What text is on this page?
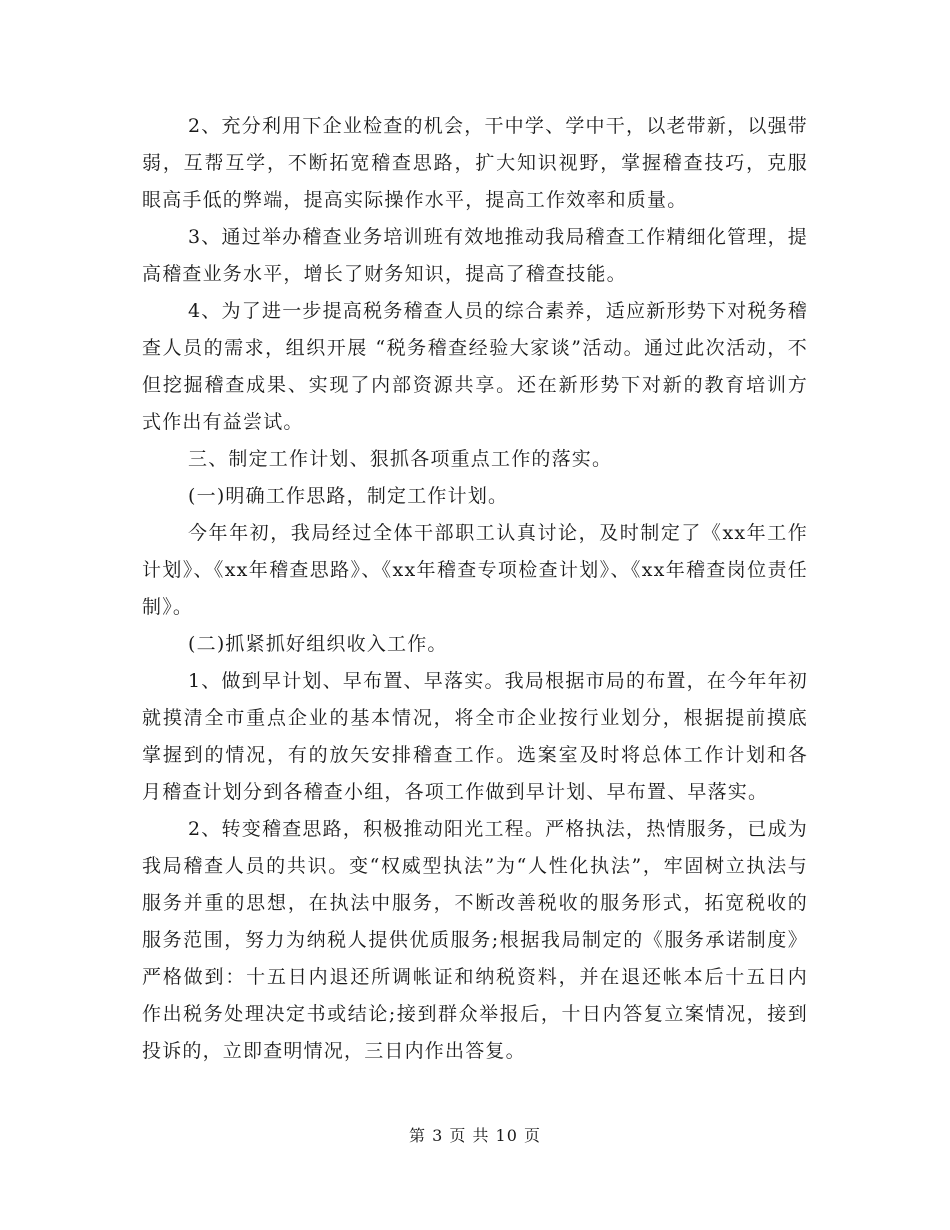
2、充分利用下企业检查的机会，干中学、学中干，以老带新，以强带弱，互帮互学，不断拓宽稽查思路，扩大知识视野，掌握稽查技巧，克服眼高手低的弊端，提高实际操作水平，提高工作效率和质量。

3、通过举办稽查业务培训班有效地推动我局稽查工作精细化管理，提高稽查业务水平，增长了财务知识，提高了稽查技能。

4、为了进一步提高税务稽查人员的综合素养，适应新形势下对税务稽查人员的需求，组织开展 “税务稽查经验大家谈”活动。通过此次活动，不但挖掘稽查成果、实现了内部资源共享。还在新形势下对新的教育培训方式作出有益尝试。

三、制定工作计划、狠抓各项重点工作的落实。

(一)明确工作思路，制定工作计划。

今年年初，我局经过全体干部职工认真讨论，及时制定了《xx年工作计划》、《xx年稽查思路》、《xx年稽查专项检查计划》、《xx年稽查岗位责任制》。

(二)抓紧抓好组织收入工作。

1、做到早计划、早布置、早落实。我局根据市局的布置，在今年年初就摸清全市重点企业的基本情况，将全市企业按行业划分，根据提前摸底掌握到的情况，有的放矢安排稽查工作。选案室及时将总体工作计划和各月稽查计划分到各稽查小组，各项工作做到早计划、早布置、早落实。

2、转变稽查思路，积极推动阳光工程。严格执法，热情服务，已成为我局稽查人员的共识。变“权威型执法”为“人性化执法”，牢固树立执法与服务并重的思想，在执法中服务，不断改善税收的服务形式，拓宽税收的服务范围，努力为纳税人提供优质服务;根据我局制定的《服务承诺制度》严格做到：十五日内退还所调帐证和纳税资料，并在退还帐本后十五日内作出税务处理决定书或结论;接到群众举报后，十日内答复立案情况，接到投诉的，立即查明情况，三日内作出答复。

第 3 页 共 10 页
